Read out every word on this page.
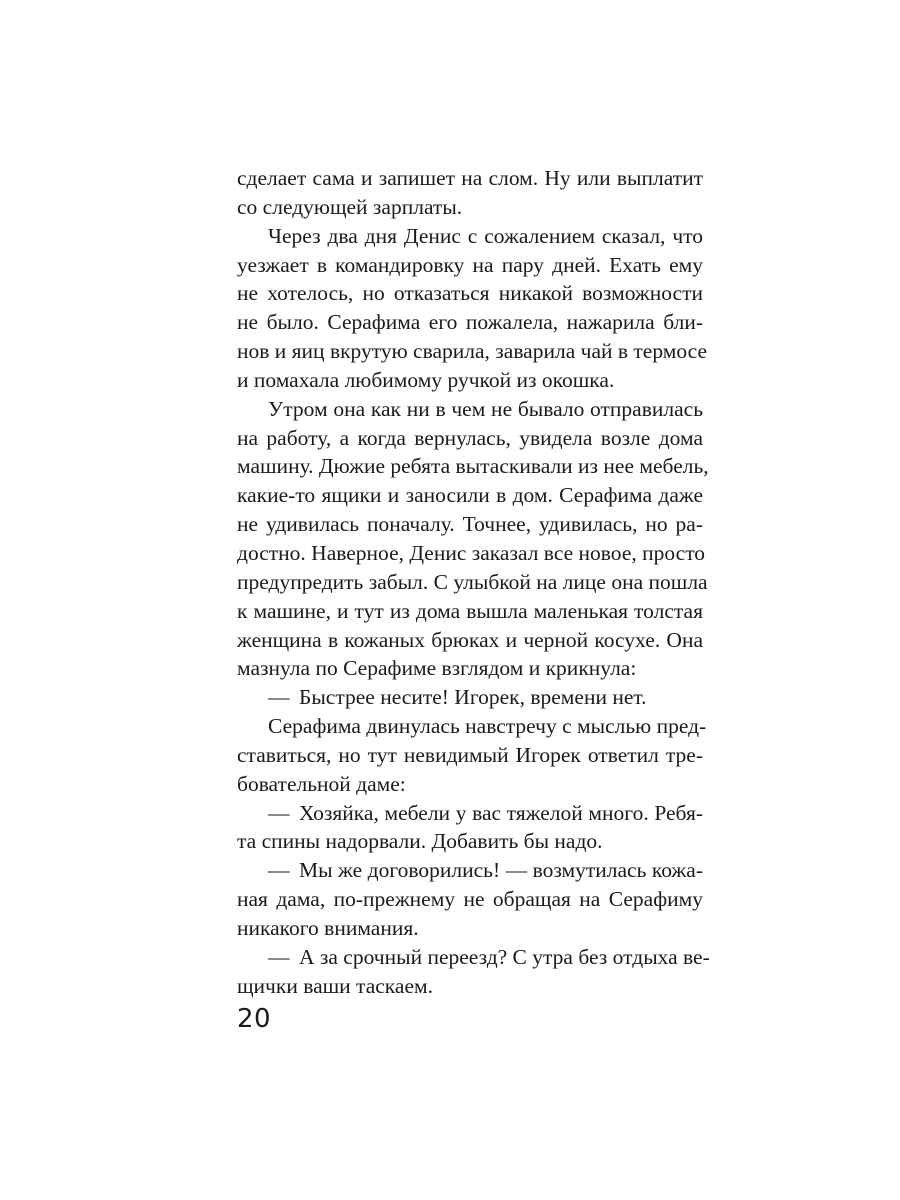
сделает сама и запишет на слом. Ну или выплатит
со следующей зарплаты.
Через два дня Денис с сожалением сказал, что
уезжает в командировку на пару дней. Ехать ему
не хотелось, но отказаться никакой возможности
не было. Серафима его пожалела, нажарила бли-
нов и яиц вкрутую сварила, заварила чай в термосе
и помахала любимому ручкой из окошка.
Утром она как ни в чем не бывало отправилась
на работу, а когда вернулась, увидела возле дома
машину. Дюжие ребята вытаскивали из нее мебель,
какие-то ящики и заносили в дом. Серафима даже
не удивилась поначалу. Точнее, удивилась, но ра-
достно. Наверное, Денис заказал все новое, просто
предупредить забыл. С улыбкой на лице она пошла
к машине, и тут из дома вышла маленькая толстая
женщина в кожаных брюках и черной косухе. Она
мазнула по Серафиме взглядом и крикнула:
— Быстрее несите! Игорек, времени нет.
Серафима двинулась навстречу с мыслью пред-
ставиться, но тут невидимый Игорек ответил тре-
бовательной даме:
— Хозяйка, мебели у вас тяжелой много. Ребя-
та спины надорвали. Добавить бы надо.
— Мы же договорились! — возмутилась кожа-
ная дама, по-прежнему не обращая на Серафиму
никакого внимания.
— А за срочный переезд? С утра без отдыха ве-
щички ваши таскаем.
20
